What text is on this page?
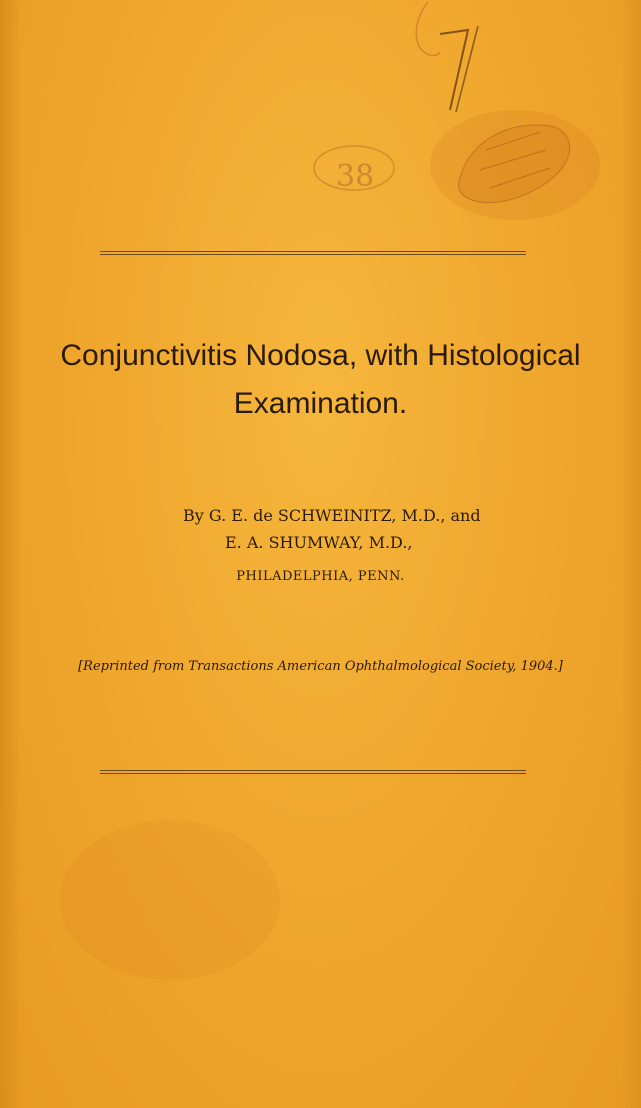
38
Conjunctivitis Nodosa, with Histological
Examination.
By G. E. de SCHWEINITZ, M.D., and
E. A. SHUMWAY, M.D.,
PHILADELPHIA, PENN.
[Reprinted from Transactions American Ophthalmological Society, 1904.]
